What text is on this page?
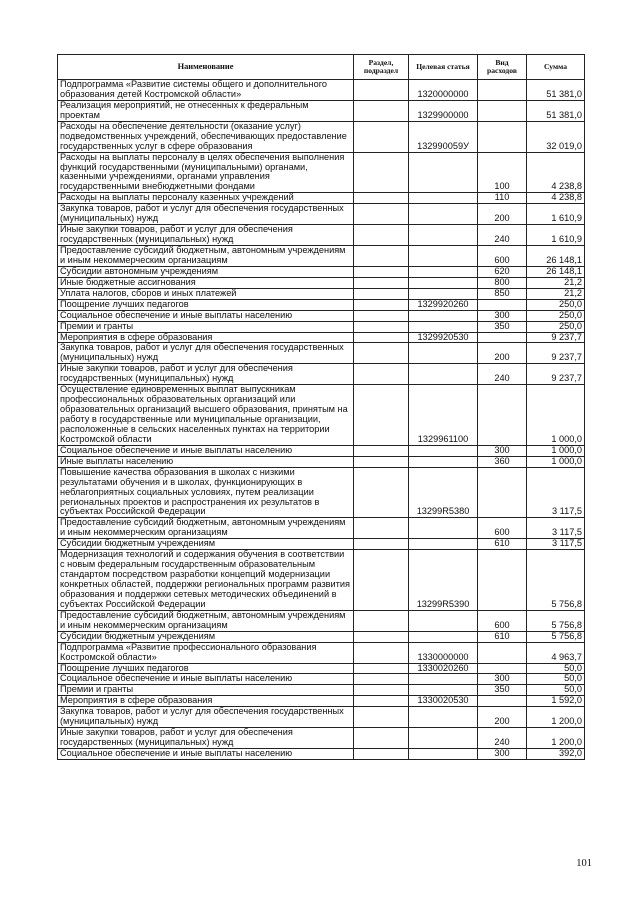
Наименование	Раздел, подраздел	Целевая статья	Вид расходов	Сумма
Подпрограмма «Развитие системы общего и дополнительного образования детей Костромской области»		1320000000		51 381,0
Реализация мероприятий, не отнесенных к федеральным проектам		1329900000		51 381,0
Расходы на обеспечение деятельности (оказание услуг) подведомственных учреждений, обеспечивающих предоставление государственных услуг в сфере образования		132990059У		32 019,0
Расходы на выплаты персоналу в целях обеспечения выполнения функций государственными (муниципальными) органами, казенными учреждениями, органами управления государственными внебюджетными фондами			100	4 238,8
Расходы на выплаты персоналу казенных учреждений			110	4 238,8
Закупка товаров, работ и услуг для обеспечения государственных (муниципальных) нужд			200	1 610,9
Иные закупки товаров, работ и услуг для обеспечения государственных (муниципальных) нужд			240	1 610,9
Предоставление субсидий бюджетным, автономным учреждениям и иным некоммерческим организациям			600	26 148,1
Субсидии автономным учреждениям			620	26 148,1
Иные бюджетные ассигнования			800	21,2
Уплата налогов, сборов и иных платежей			850	21,2
Поощрение лучших педагогов		1329920260		250,0
Социальное обеспечение и иные выплаты населению			300	250,0
Премии и гранты			350	250,0
Мероприятия в сфере образования		1329920530		9 237,7
Закупка товаров, работ и услуг для обеспечения государственных (муниципальных) нужд			200	9 237,7
Иные закупки товаров, работ и услуг для обеспечения государственных (муниципальных) нужд			240	9 237,7
Осуществление единовременных выплат выпускникам профессиональных образовательных организаций или образовательных организаций высшего образования, принятым на работу в государственные или муниципальные организации, расположенные в сельских населенных пунктах на территории Костромской области		1329961100		1 000,0
Социальное обеспечение и иные выплаты населению			300	1 000,0
Иные выплаты населению			360	1 000,0
Повышение качества образования в школах с низкими результатами обучения и в школах, функционирующих в неблагоприятных социальных условиях, путем реализации региональных проектов и распространения их результатов в субъектах Российской Федерации		13299R5380		3 117,5
Предоставление субсидий бюджетным, автономным учреждениям и иным некоммерческим организациям			600	3 117,5
Субсидии бюджетным учреждениям			610	3 117,5
Модернизация технологий и содержания обучения в соответствии с новым федеральным государственным образовательным стандартом посредством разработки концепций модернизации конкретных областей, поддержки региональных программ развития образования и поддержки сетевых методических объединений в субъектах Российской Федерации		13299R5390		5 756,8
Предоставление субсидий бюджетным, автономным учреждениям и иным некоммерческим организациям			600	5 756,8
Субсидии бюджетным учреждениям			610	5 756,8
Подпрограмма «Развитие профессионального образования Костромской области»		1330000000		4 963,7
Поощрение лучших педагогов		1330020260		50,0
Социальное обеспечение и иные выплаты населению			300	50,0
Премии и гранты			350	50,0
Мероприятия в сфере образования		1330020530		1 592,0
Закупка товаров, работ и услуг для обеспечения государственных (муниципальных) нужд			200	1 200,0
Иные закупки товаров, работ и услуг для обеспечения государственных (муниципальных) нужд			240	1 200,0
Социальное обеспечение и иные выплаты населению			300	392,0
101
